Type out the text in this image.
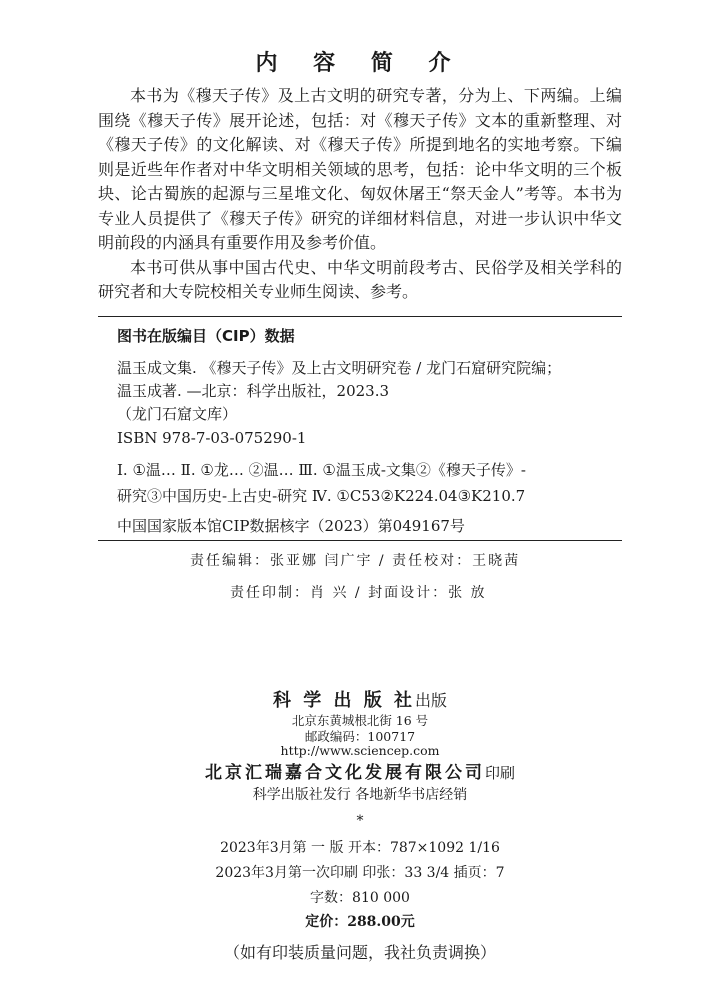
内 容 简 介

本书为《穆天子传》及上古文明的研究专著，分为上、下两编。上编围绕《穆天子传》展开论述，包括：对《穆天子传》文本的重新整理、对《穆天子传》的文化解读、对《穆天子传》所提到地名的实地考察。下编则是近些年作者对中华文明相关领域的思考，包括：论中华文明的三个板块、论古蜀族的起源与三星堆文化、匈奴休屠王“祭天金人”考等。本书为专业人员提供了《穆天子传》研究的详细材料信息，对进一步认识中华文明前段的内涵具有重要作用及参考价值。

本书可供从事中国古代史、中华文明前段考古、民俗学及相关学科的研究者和大专院校相关专业师生阅读、参考。

图书在版编目（CIP）数据
温玉成文集. 《穆天子传》及上古文明研究卷 / 龙门石窟研究院编；
温玉成著. —北京：科学出版社，2023.3
（龙门石窟文库）
ISBN 978-7-03-075290-1
Ⅰ. ①温… Ⅱ. ①龙… ②温… Ⅲ. ①温玉成-文集②《穆天子传》-
研究③中国历史-上古史-研究 Ⅳ. ①C53②K224.04③K210.7
中国国家版本馆CIP数据核字（2023）第049167号
责任编辑：张亚娜 闫广宇 / 责任校对：王晓茜
责任印制：肖 兴 / 封面设计：张 放
科 学 出 版 社出版
北京东黄城根北街 16 号
邮政编码：100717
http://www.sciencep.com
北京汇瑞嘉合文化发展有限公司印刷
科学出版社发行 各地新华书店经销
*
2023年3月第 一 版 开本：787×1092 1/16
2023年3月第一次印刷 印张：33 3/4 插页：7
字数：810 000
定价：288.00元
（如有印装质量问题，我社负责调换）
